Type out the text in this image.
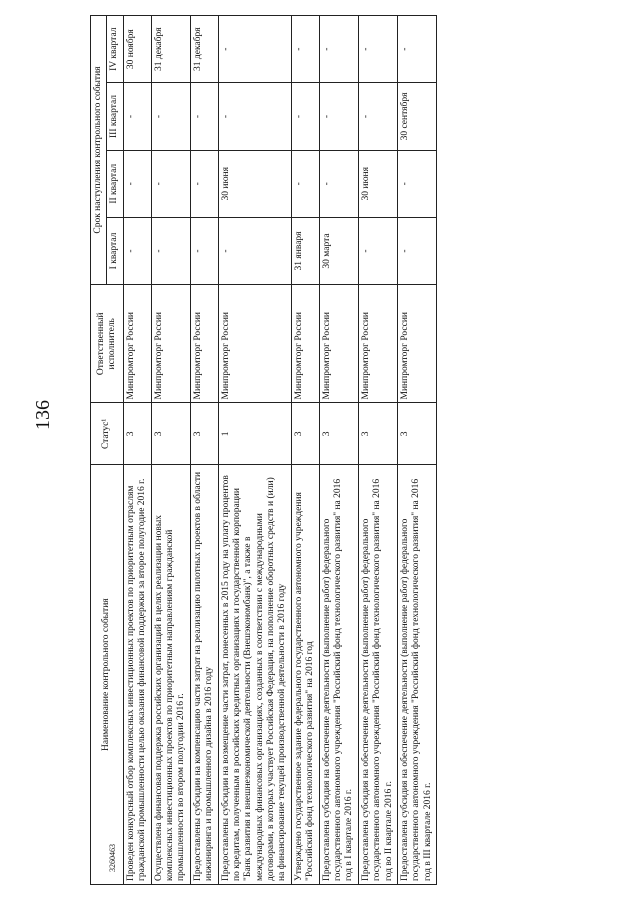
136
3260463
Наименование контрольного события	Статус¹	Ответственный исполнитель	Срок наступления контрольного события			
			I квартал	II квартал	III квартал	IV квартал
Проведен конкурсный отбор комплексных инвестиционных проектов по приоритетным отраслям гражданской промышленности целью оказания финансовой поддержки за второе полугодие 2016 г.	3	Минпромторг России	-	-	-	30 ноября
Осуществлена финансовая поддержка российских организаций в целях реализации новых комплексных инвестиционных проектов по приоритетным направлениям гражданской промышленности во втором полугодии 2016 г.	3	Минпромторг России	-	-	-	31 декабря
Предоставлены субсидии на компенсацию части затрат на реализацию пилотных проектов в области инжиниринга и промышленного дизайна в 2016 году	3	Минпромторг России	-	-	-	31 декабря
Предоставлены субсидии на возмещение части затрат, понесенных в 2015 году на уплату процентов по кредитам, полученным в российских кредитных организациях и государственной корпорации "Банк развития и внешнеэкономической деятельности (Внешэкономбанк)", а также в международных финансовых организациях, созданных в соответствии с международными договорами, в которых участвует Российская Федерация, на пополнение оборотных средств и (или) на финансирование текущей производственной деятельности в 2016 году	1	Минпромторг России	-	30 июня	-	-
Утверждено государственное задание федерального государственного автономного учреждения "Российский фонд технологического развития" на 2016 год	3	Минпромторг России	31 января	-	-	-
Предоставлена субсидия на обеспечение деятельности (выполнение работ) федерального государственного автономного учреждения "Российский фонд технологического развития" на 2016 год в I квартале 2016 г.	3	Минпромторг России	30 марта	-	-	-
Предоставлена субсидия на обеспечение деятельности (выполнение работ) федерального государственного автономного учреждения "Российский фонд технологического развития" на 2016 год во II квартале 2016 г.	3	Минпромторг России	-	30 июня	-	-
Предоставлена субсидия на обеспечение деятельности (выполнение работ) федерального государственного автономного учреждения "Российский фонд технологического развития" на 2016 год в III квартале 2016 г.	3	Минпромторг России	-	-	30 сентября	-
